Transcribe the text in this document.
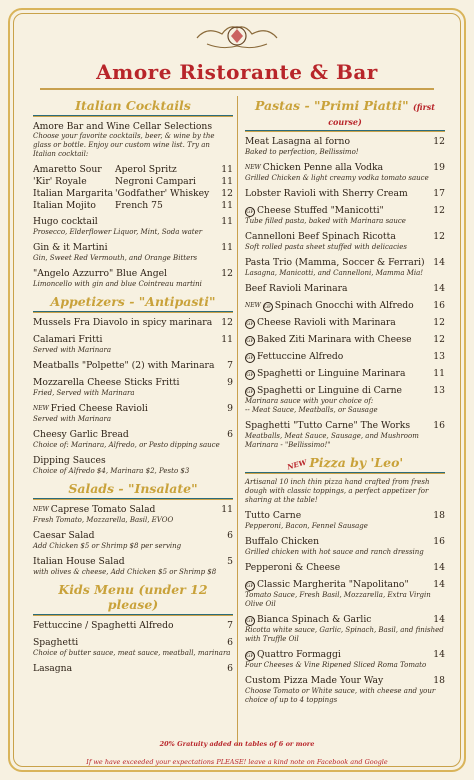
Amore Ristorante & Bar
Italian Cocktails
Amore Bar and Wine Cellar Selections
Choose your favorite cocktails, beer, & wine by the glass or bottle. Enjoy our custom wine list. Try an Italian cocktail:
Amaretto Sour	Aperol Spritz	11
'Kir' Royale	Negroni Campari	11
Italian Margarita 'Godfather' Whiskey	12
Italian Mojito	French 75	11
Hugo cocktail	11
Prosecco, Elderflower Liquor, Mint, Soda water
Gin & it Martini	11
Gin, Sweet Red Vermouth, and Orange Bitters
"Angelo Azzurro" Blue Angel	12
Limoncello with gin and blue Cointreau martini
Appetizers - "Antipasti"
Mussels Fra Diavolo in spicy marinara 12
Calamari Fritti	11
Served with Marinara
Meatballs "Polpette" (2) with Marinara	7
Mozzarella Cheese Sticks Fritti	9
Fried, Served with Marinara
NEW Fried Cheese Ravioli	9
Served with Marinara
Cheesy Garlic Bread	6
Choice of: Marinara, Alfredo, or Pesto dipping sauce
Dipping Sauces
Choice of Alfredo $4, Marinara $2, Pesto $3
Salads - "Insalate"
NEW Caprese Tomato Salad	11
Fresh Tomato, Mozzarella, Basil, EVOO
Caesar Salad	6
Add Chicken $5 or Shrimp $8 per serving
Italian House Salad	5
with olives & cheese, Add Chicken $5 or Shrimp $8
Kids Menu (under 12 please)
Fettuccine / Spaghetti Alfredo	7
Spaghetti	6
Choice of butter sauce, meat sauce, meatball, marinara
Lasagna	6
Pastas - "Primi Piatti" (first course)
Meat Lasagna al forno	12
Baked to perfection, Bellissimo!
NEW Chicken Penne alla Vodka	19
Grilled Chicken & light creamy vodka tomato sauce
Lobster Ravioli with Sherry Cream	17
GF Cheese Stuffed "Manicotti"	12
Tube filled pasta, baked with Marinara sauce
Cannelloni Beef Spinach Ricotta	12
Soft rolled pasta sheet stuffed with delicacies
Pasta Trio (Mamma, Soccer & Ferrari) 14
Lasagna, Manicotti, and Cannelloni, Mamma Mia!
Beef Ravioli Marinara	14
NEW GF Spinach Gnocchi with Alfredo 16
GF Cheese Ravioli with Marinara	12
GF Baked Ziti Marinara with Cheese 12
GF Fettuccine Alfredo	13
GF Spaghetti or Linguine Marinara	11
GF Spaghetti or Linguine di Carne	13
Marinara sauce with your choice of:
-- Meat Sauce, Meatballs, or Sausage
Spaghetti "Tutto Carne" The Works	16
Meatballs, Meat Sauce, Sausage, and Mushroom Marinara - "Bellissimo!"
NEW Pizza by 'Leo'
Artisanal 10 inch thin pizza hand crafted from fresh dough with classic toppings, a perfect appetizer for sharing at the table!
Tutto Carne	18
Pepperoni, Bacon, Fennel Sausage
Buffalo Chicken	16
Grilled chicken with hot sauce and ranch dressing
Pepperoni & Cheese	14
GF Classic Margherita "Napolitano"	14
Tomato Sauce, Fresh Basil, Mozzarella, Extra Virgin Olive Oil
GF Bianca Spinach & Garlic	14
Ricotta white sauce, Garlic, Spinach, Basil, and finished with Truffle Oil
GF Quattro Formaggi	14
Four Cheeses & Vine Ripened Sliced Roma Tomato
Custom Pizza Made Your Way	18
Choose Tomato or White sauce, with cheese and your choice of up to 4 toppings
20% Gratuity added on tables of 6 or more
If we have exceeded your expectations PLEASE! leave a kind note on Facebook and Google
